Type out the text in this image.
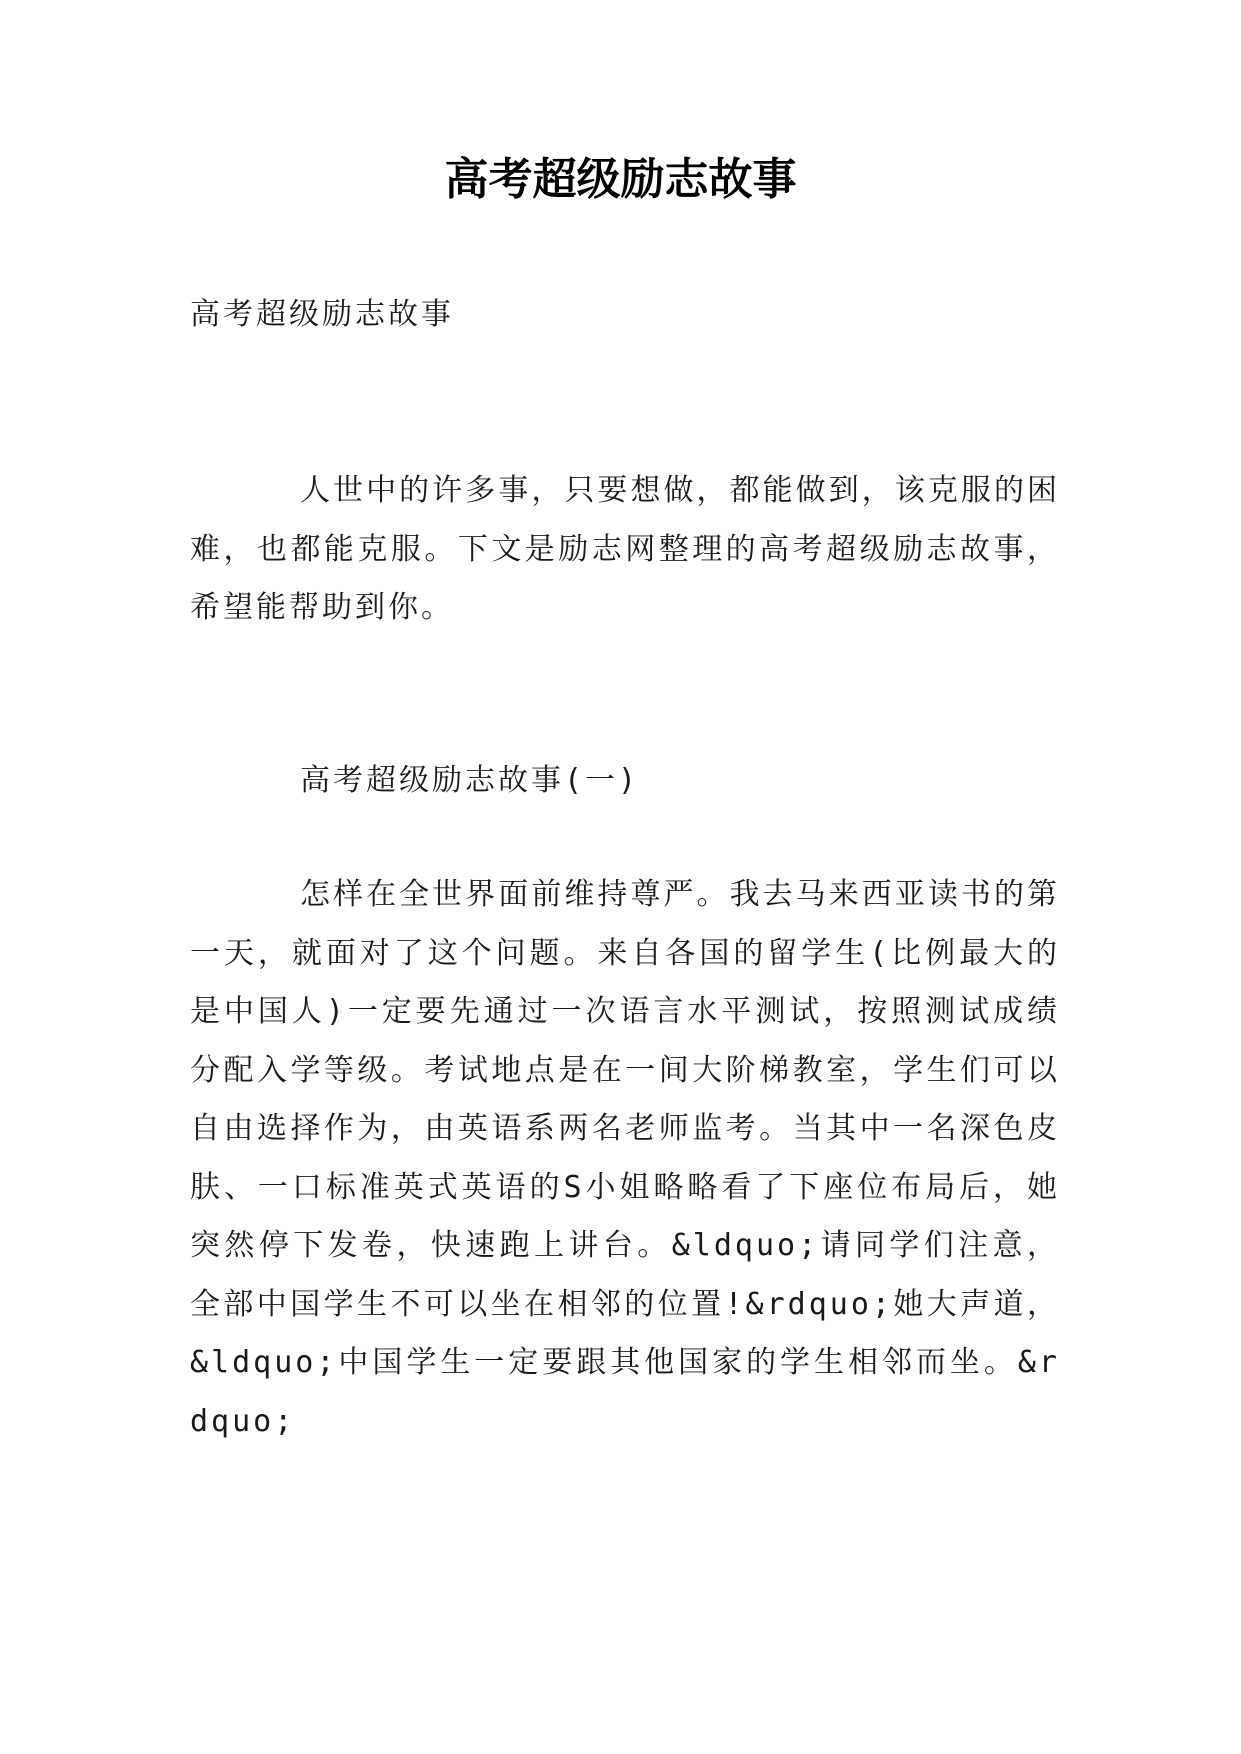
高考超级励志故事
高考超级励志故事

人世中的许多事，只要想做，都能做到，该克服的困难，也都能克服。下文是励志网整理的高考超级励志故事，希望能帮助到你。

高考超级励志故事(一)

怎样在全世界面前维持尊严。我去马来西亚读书的第一天，就面对了这个问题。来自各国的留学生(比例最大的是中国人)一定要先通过一次语言水平测试，按照测试成绩分配入学等级。考试地点是在一间大阶梯教室，学生们可以自由选择作为，由英语系两名老师监考。当其中一名深色皮肤、一口标准英式英语的S小姐略略看了下座位布局后，她突然停下发卷，快速跑上讲台。&ldquo;请同学们注意，全部中国学生不可以坐在相邻的位置!&rdquo;她大声道，&ldquo;中国学生一定要跟其他国家的学生相邻而坐。&rdquo;
